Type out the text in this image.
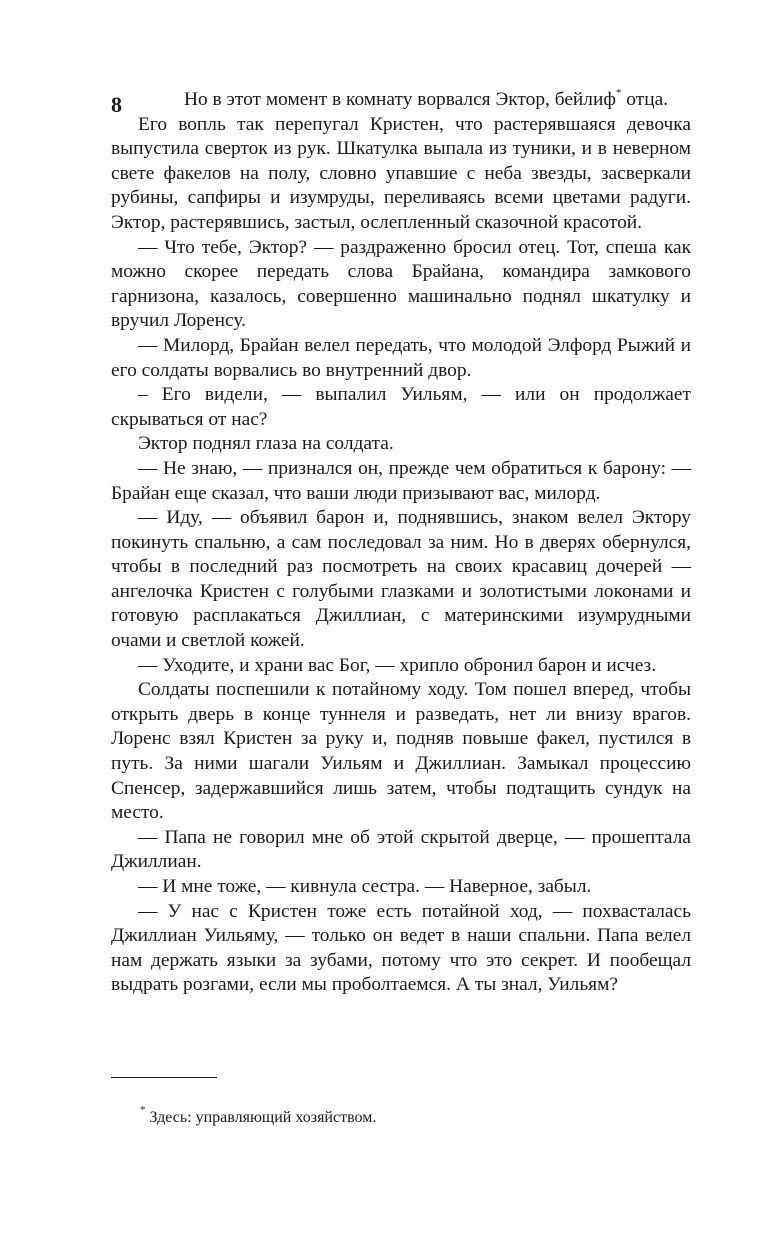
8	Но в этот момент в комнату ворвался Эктор, бейлиф* отца.

Его вопль так перепугал Кристен, что растерявшаяся девочка выпустила сверток из рук. Шкатулка выпала из туники, и в неверном свете факелов на полу, словно упавшие с неба звезды, засверкали рубины, сапфиры и изумруды, переливаясь всеми цветами радуги. Эктор, растерявшись, застыл, ослепленный сказочной красотой.

— Что тебе, Эктор? — раздраженно бросил отец. Тот, спеша как можно скорее передать слова Брайана, командира замкового гарнизона, казалось, совершенно машинально поднял шкатулку и вручил Лоренсу.

— Милорд, Брайан велел передать, что молодой Элфорд Рыжий и его солдаты ворвались во внутренний двор.

– Его видели, — выпалил Уильям, — или он продолжает скрываться от нас?

Эктор поднял глаза на солдата.

— Не знаю, — признался он, прежде чем обратиться к барону: — Брайан еще сказал, что ваши люди призывают вас, милорд.

— Иду, — объявил барон и, поднявшись, знаком велел Эктору покинуть спальню, а сам последовал за ним. Но в дверях обернулся, чтобы в последний раз посмотреть на своих красавиц дочерей — ангелочка Кристен с голубыми глазками и золотистыми локонами и готовую расплакаться Джиллиан, с материнскими изумрудными очами и светлой кожей.

— Уходите, и храни вас Бог, — хрипло обронил барон и исчез.

Солдаты поспешили к потайному ходу. Том пошел вперед, чтобы открыть дверь в конце туннеля и разведать, нет ли внизу врагов. Лоренс взял Кристен за руку и, подняв повыше факел, пустился в путь. За ними шагали Уильям и Джиллиан. Замыкал процессию Спенсер, задержавшийся лишь затем, чтобы подтащить сундук на место.

— Папа не говорил мне об этой скрытой дверце, — прошептала Джиллиан.

— И мне тоже, — кивнула сестра. — Наверное, забыл.

— У нас с Кристен тоже есть потайной ход, — похвасталась Джиллиан Уильяму, — только он ведет в наши спальни. Папа велел нам держать языки за зубами, потому что это секрет. И пообещал выдрать розгами, если мы проболтаемся. А ты знал, Уильям?

* Здесь: управляющий хозяйством.
